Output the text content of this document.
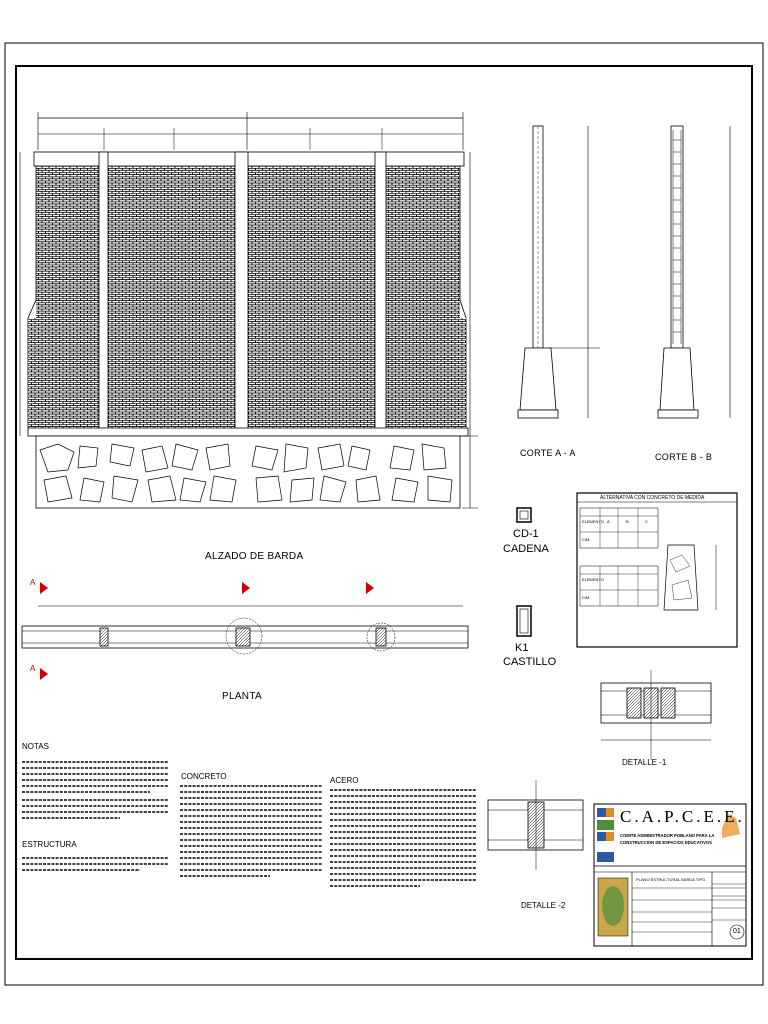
ALZADO DE BARDA
PLANTA
CORTE A - A	CORTE B - B
CD-1
CADENA
K1
CASTILLO
DETALLE -1
DETALLE -2
A
A
NOTAS
CONCRETO	ACERO
ESTRUCTURA
ALTERNATIVA CON CONCRETO DE MEDIDA
ELEMENTO A	B	C
CIM
ELEMENTO
CIM
C.A.P.C.E.E.
COMITE ADMINISTRADOR POBLANO PARA LA
CONSTRUCCION DE ESPACIOS EDUCATIVOS
PLANO ESTRUCTURAL BARDA TIPO
01
